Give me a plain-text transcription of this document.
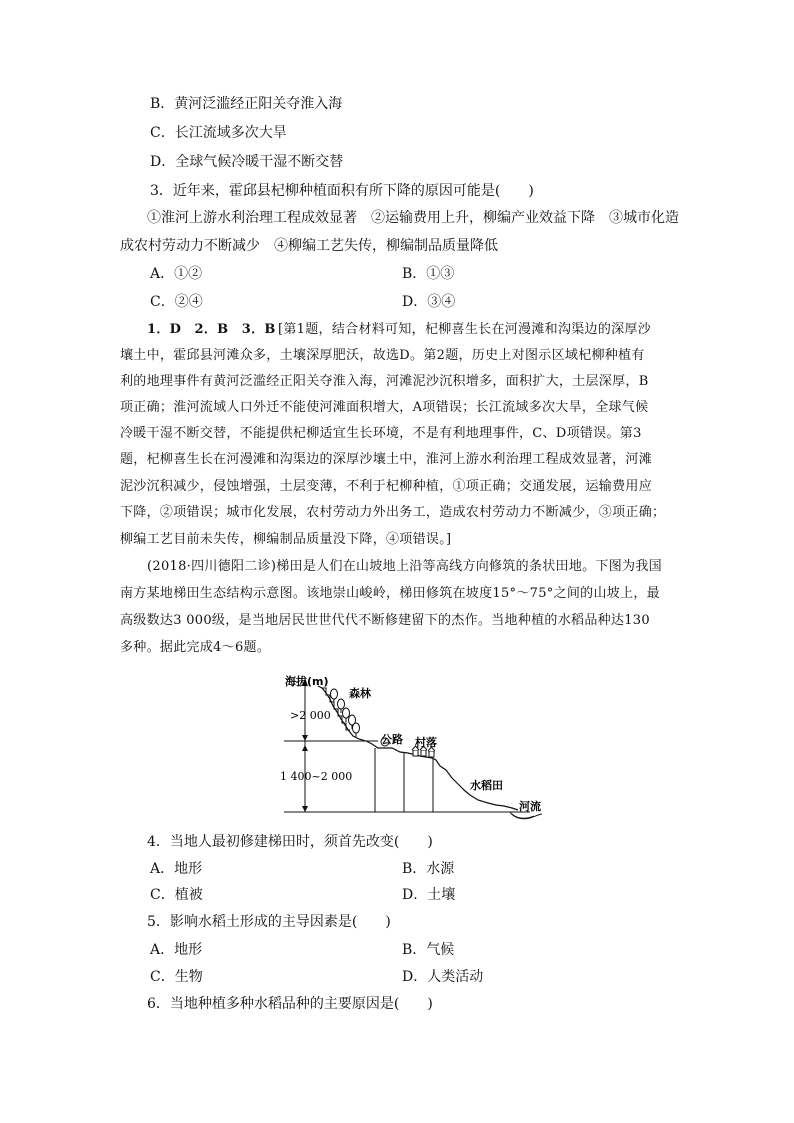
B．黄河泛滥经正阳关夺淮入海
C．长江流域多次大旱
D．全球气候冷暖干湿不断交替
3．近年来，霍邱县杞柳种植面积有所下降的原因可能是(　　)
①淮河上游水利治理工程成效显著　②运输费用上升，柳编产业效益下降　③城市化造
成农村劳动力不断减少　④柳编工艺失传，柳编制品质量降低
A．①②	B．①③
C．②④	D．③④
1．D　2．B　3．B [第1题，结合材料可知，杞柳喜生长在河漫滩和沟渠边的深厚沙
壤土中，霍邱县河滩众多，土壤深厚肥沃，故选D。第2题，历史上对图示区域杞柳种植有
利的地理事件有黄河泛滥经正阳关夺淮入海，河滩泥沙沉积增多，面积扩大，土层深厚，B
项正确；淮河流域人口外迁不能使河滩面积增大，A项错误；长江流域多次大旱，全球气候
冷暖干湿不断交替，不能提供杞柳适宜生长环境，不是有利地理事件，C、D项错误。第3
题，杞柳喜生长在河漫滩和沟渠边的深厚沙壤土中，淮河上游水利治理工程成效显著，河滩
泥沙沉积减少，侵蚀增强，土层变薄，不利于杞柳种植，①项正确；交通发展，运输费用应
下降，②项错误；城市化发展，农村劳动力外出务工，造成农村劳动力不断减少，③项正确；
柳编工艺目前未失传，柳编制品质量没下降，④项错误。]
(2018·四川德阳二诊)梯田是人们在山坡地上沿等高线方向修筑的条状田地。下图为我国
南方某地梯田生态结构示意图。该地崇山峻岭，梯田修筑在坡度15°～75°之间的山坡上，最
高级数达3 000级，是当地居民世世代代不断修建留下的杰作。当地种植的水稻品种达130
多种。据此完成4～6题。
海拔(m)
>2 000
1 400~2 000
森林
公路 村落
水稻田
河流
4．当地人最初修建梯田时，须首先改变(　　)
A．地形	B．水源
C．植被	D．土壤
5．影响水稻土形成的主导因素是(　　)
A．地形	B．气候
C．生物	D．人类活动
6．当地种植多种水稻品种的主要原因是(　　)
